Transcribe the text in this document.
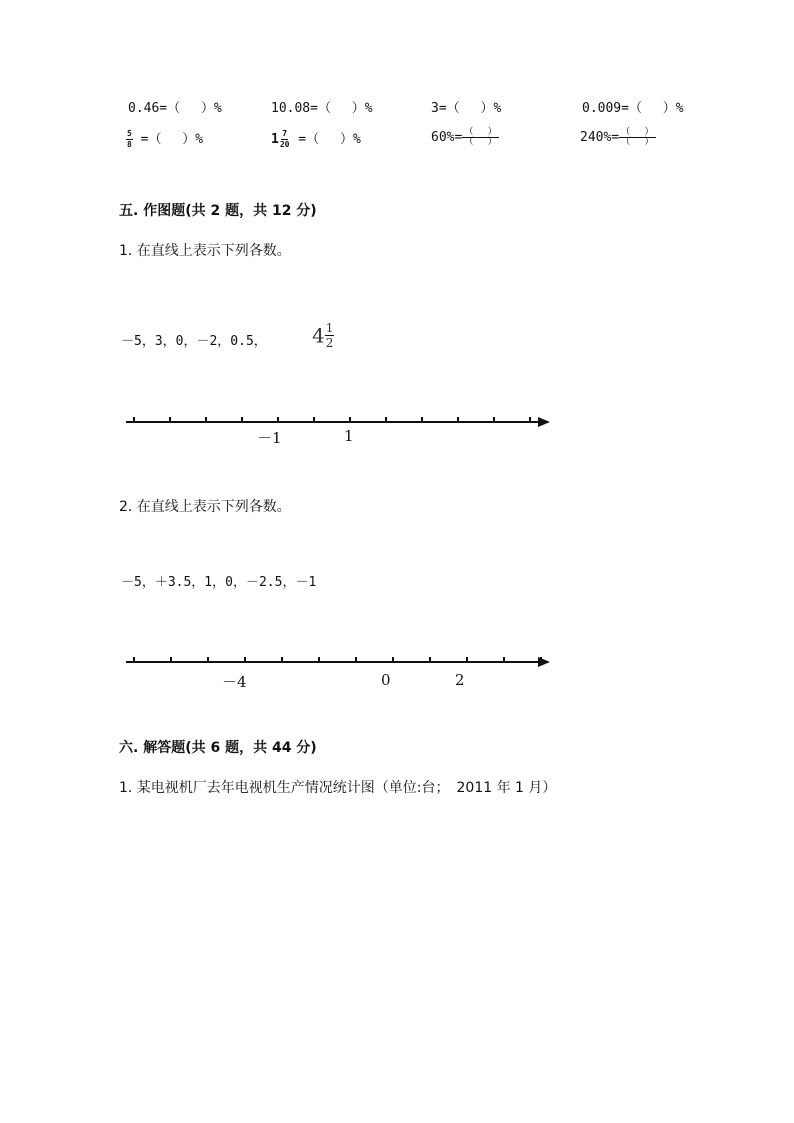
0.46=（　 ）%	10.08=（　 ）%	3=（　 ）%	0.009=（　 ）%
$\frac{5}{8}$ =（　 ）%	$1 \frac{7}{20}$ =（　 ）%	$60\%= \frac{( )}{( )}$	$240\%= \frac{( )}{( )}$
五. 作图题(共 2 题，共 12 分)
1. 在直线上表示下列各数。
－5，3，0，－2，0.5， $4 \frac{1}{2}$
－1	1
2. 在直线上表示下列各数。
－5，＋3.5，1，0，－2.5，－1
－4	0	2
六. 解答题(共 6 题，共 44 分)
1. 某电视机厂去年电视机生产情况统计图（单位:台；　2011 年 1 月）
